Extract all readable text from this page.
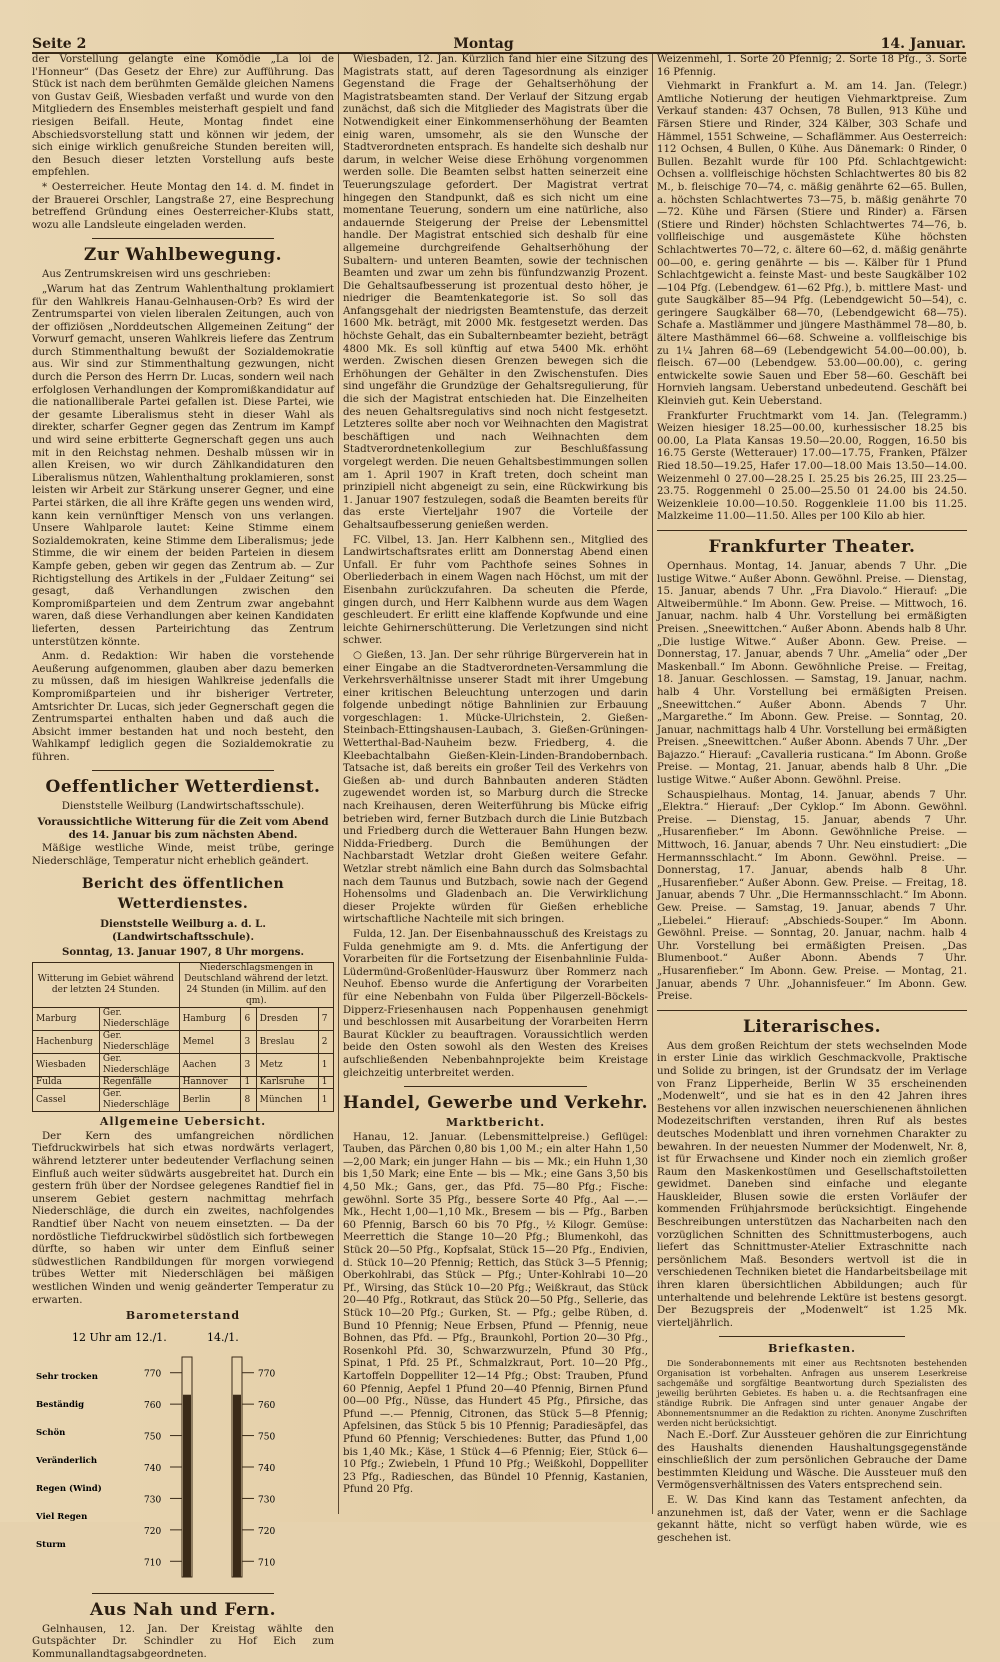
Seite 2	Montag	14. Januar.

der Vorstellung gelangte eine Komödie „La loi de l'Honneur“ (Das Gesetz der Ehre) zur Aufführung. Das Stück ist nach dem berühmten Gemälde gleichen Namens von Gustav Geiß, Wiesbaden verfaßt und wurde von den Mitgliedern des Ensembles meisterhaft gespielt und fand riesigen Beifall. Heute, Montag findet eine Abschiedsvorstellung statt und können wir jedem, der sich einige wirklich genußreiche Stunden bereiten will, den Besuch dieser letzten Vorstellung aufs beste empfehlen.

* Oesterreicher. Heute Montag den 14. d. M. findet in der Brauerei Orschler, Langstraße 27, eine Besprechung betreffend Gründung eines Oesterreicher-Klubs statt, wozu alle Landsleute eingeladen werden.

Zur Wahlbewegung.

Aus Zentrumskreisen wird uns geschrieben:

„Warum hat das Zentrum Wahlenthaltung proklamiert für den Wahlkreis Hanau-Gelnhausen-Orb? Es wird der Zentrumspartei von vielen liberalen Zeitungen, auch von der offiziösen „Norddeutschen Allgemeinen Zeitung“ der Vorwurf gemacht, unseren Wahlkreis liefere das Zentrum durch Stimmenthaltung bewußt der Sozialdemokratie aus. Wir sind zur Stimmenthaltung gezwungen, nicht durch die Person des Herrn Dr. Lucas, sondern weil nach erfolglosen Verhandlungen der Kompromißkandidatur auf die nationalliberale Partei gefallen ist. Diese Partei, wie der gesamte Liberalismus steht in dieser Wahl als direkter, scharfer Gegner gegen das Zentrum im Kampf und wird seine erbitterte Gegnerschaft gegen uns auch mit in den Reichstag nehmen. Deshalb müssen wir in allen Kreisen, wo wir durch Zählkandidaturen den Liberalismus nützen, Wahlenthaltung proklamieren, sonst leisten wir Arbeit zur Stärkung unserer Gegner, und eine Partei stärken, die all ihre Kräfte gegen uns wenden wird, kann kein vernünftiger Mensch von uns verlangen. Unsere Wahlparole lautet: Keine Stimme einem Sozialdemokraten, keine Stimme dem Liberalismus; jede Stimme, die wir einem der beiden Parteien in diesem Kampfe geben, geben wir gegen das Zentrum ab. — Zur Richtigstellung des Artikels in der „Fuldaer Zeitung“ sei gesagt, daß Verhandlungen zwischen den Kompromißparteien und dem Zentrum zwar angebahnt waren, daß diese Verhandlungen aber keinen Kandidaten lieferten, dessen Parteirichtung das Zentrum unterstützen könnte.

Anm. d. Redaktion: Wir haben die vorstehende Aeußerung aufgenommen, glauben aber dazu bemerken zu müssen, daß im hiesigen Wahlkreise jedenfalls die Kompromißparteien und ihr bisheriger Vertreter, Amtsrichter Dr. Lucas, sich jeder Gegnerschaft gegen die Zentrumspartei enthalten haben und daß auch die Absicht immer bestanden hat und noch besteht, den Wahlkampf lediglich gegen die Sozialdemokratie zu führen.

Oeffentlicher Wetterdienst.

Dienststelle Weilburg (Landwirtschaftsschule).

Voraussichtliche Witterung für die Zeit vom Abend des 14. Januar bis zum nächsten Abend.

Mäßige westliche Winde, meist trübe, geringe Niederschläge, Temperatur nicht erheblich geändert.

Bericht des öffentlichen Wetterdienstes.

Dienststelle Weilburg a. d. L. (Landwirtschaftsschule).

Sonntag, 13. Januar 1907, 8 Uhr morgens.

Witterung im Gebiet während der letzten 24 Stunden.		Niederschlagsmengen in Deutschland während der letzt. 24 Stunden (in Millim. auf den qm).			
Marburg	Ger. Niederschläge	Hamburg	6	Dresden	7
Hachenburg	Ger. Niederschläge	Memel	3	Breslau	2
Wiesbaden	Ger. Niederschläge	Aachen	3	Metz	1
Fulda	Regenfälle	Hannover	1	Karlsruhe	1
Cassel	Ger. Niederschläge	Berlin	8	München	1
Allgemeine Uebersicht.

Der Kern des umfangreichen nördlichen Tiefdruckwirbels hat sich etwas nordwärts verlagert, während letzterer unter bedeutender Verflachung seinen Einfluß auch weiter südwärts ausgebreitet hat. Durch ein gestern früh über der Nordsee gelegenes Randtief fiel in unserem Gebiet gestern nachmittag mehrfach Niederschläge, die durch ein zweites, nachfolgendes Randtief über Nacht von neuem einsetzten. — Da der nordöstliche Tiefdruckwirbel südöstlich sich fortbewegen dürfte, so haben wir unter dem Einfluß seiner südwestlichen Randbildungen für morgen vorwiegend trübes Wetter mit Niederschlägen bei mäßigen westlichen Winden und wenig geänderter Temperatur zu erwarten.

Barometerstand
12 Uhr am 12./1.	14./1.
770	770
760	760
750	750
740	740
730	730
720	720
710	710
Sehr trocken
Beständig
Schön
Veränderlich
Regen (Wind)
Viel Regen
Sturm
Aus Nah und Fern.

Gelnhausen, 12. Jan. Der Kreistag wählte den Gutspächter Dr. Schindler zu Hof Eich zum Kommunallandtagsabgeordneten.

Wiesbaden, 12. Jan. Kürzlich fand hier eine Sitzung des Magistrats statt, auf deren Tagesordnung als einziger Gegenstand die Frage der Gehaltserhöhung der Magistratsbeamten stand. Der Verlauf der Sitzung ergab zunächst, daß sich die Mitglieder des Magistrats über die Notwendigkeit einer Einkommenserhöhung der Beamten einig waren, umsomehr, als sie den Wunsche der Stadtverordneten entsprach. Es handelte sich deshalb nur darum, in welcher Weise diese Erhöhung vorgenommen werden solle. Die Beamten selbst hatten seinerzeit eine Teuerungszulage gefordert. Der Magistrat vertrat hingegen den Standpunkt, daß es sich nicht um eine momentane Teuerung, sondern um eine natürliche, also andauernde Steigerung der Preise der Lebensmittel handle. Der Magistrat entschied sich deshalb für eine allgemeine durchgreifende Gehaltserhöhung der Subaltern- und unteren Beamten, sowie der technischen Beamten und zwar um zehn bis fünfundzwanzig Prozent. Die Gehaltsaufbesserung ist prozentual desto höher, je niedriger die Beamtenkategorie ist. So soll das Anfangsgehalt der niedrigsten Beamtenstufe, das derzeit 1600 Mk. beträgt, mit 2000 Mk. festgesetzt werden. Das höchste Gehalt, das ein Subalternbeamter bezieht, beträgt 4800 Mk. Es soll künftig auf etwa 5400 Mk. erhöht werden. Zwischen diesen Grenzen bewegen sich die Erhöhungen der Gehälter in den Zwischenstufen. Dies sind ungefähr die Grundzüge der Gehaltsregulierung, für die sich der Magistrat entschieden hat. Die Einzelheiten des neuen Gehaltsregulativs sind noch nicht festgesetzt. Letzteres sollte aber noch vor Weihnachten den Magistrat beschäftigen und nach Weihnachten dem Stadtverordnetenkollegium zur Beschlußfassung vorgelegt werden. Die neuen Gehaltsbestimmungen sollen am 1. April 1907 in Kraft treten, doch scheint man prinzipiell nicht abgeneigt zu sein, eine Rückwirkung bis 1. Januar 1907 festzulegen, sodaß die Beamten bereits für das erste Vierteljahr 1907 die Vorteile der Gehaltsaufbesserung genießen werden.

FC. Vilbel, 13. Jan. Herr Kalbhenn sen., Mitglied des Landwirtschaftsrates erlitt am Donnerstag Abend einen Unfall. Er fuhr vom Pachthofe seines Sohnes in Oberliederbach in einem Wagen nach Höchst, um mit der Eisenbahn zurückzufahren. Da scheuten die Pferde, gingen durch, und Herr Kalbhenn wurde aus dem Wagen geschleudert. Er erlitt eine klaffende Kopfwunde und eine leichte Gehirnerschütterung. Die Verletzungen sind nicht schwer.

○ Gießen, 13. Jan. Der sehr rührige Bürgerverein hat in einer Eingabe an die Stadtverordneten-Versammlung die Verkehrsverhältnisse unserer Stadt mit ihrer Umgebung einer kritischen Beleuchtung unterzogen und darin folgende unbedingt nötige Bahnlinien zur Erbauung vorgeschlagen: 1. Mücke-Ulrichstein, 2. Gießen-Steinbach-Ettingshausen-Laubach, 3. Gießen-Grüningen-Wetterthal-Bad-Nauheim bezw. Friedberg, 4. die Kleebachtalbahn Gießen-Klein-Linden-Brandobernbach. Tatsache ist, daß bereits ein großer Teil des Verkehrs von Gießen ab- und durch Bahnbauten anderen Städten zugewendet worden ist, so Marburg durch die Strecke nach Kreihausen, deren Weiterführung bis Mücke eifrig betrieben wird, ferner Butzbach durch die Linie Butzbach und Friedberg durch die Wetterauer Bahn Hungen bezw. Nidda-Friedberg. Durch die Bemühungen der Nachbarstadt Wetzlar droht Gießen weitere Gefahr. Wetzlar strebt nämlich eine Bahn durch das Solmsbachtal nach dem Taunus und Butzbach, sowie nach der Gegend Hohensolms und Gladenbach an. Die Verwirklichung dieser Projekte würden für Gießen erhebliche wirtschaftliche Nachteile mit sich bringen.

Fulda, 12. Jan. Der Eisenbahnausschuß des Kreistags zu Fulda genehmigte am 9. d. Mts. die Anfertigung der Vorarbeiten für die Fortsetzung der Eisenbahnlinie Fulda-Lüdermünd-Großenlüder-Hauswurz über Rommerz nach Neuhof. Ebenso wurde die Anfertigung der Vorarbeiten für eine Nebenbahn von Fulda über Pilgerzell-Böckels-Dipperz-Friesenhausen nach Poppenhausen genehmigt und beschlossen mit Ausarbeitung der Vorarbeiten Herrn Baurat Kückler zu beauftragen. Voraussichtlich werden beide den Osten sowohl als den Westen des Kreises aufschließenden Nebenbahnprojekte beim Kreistage gleichzeitig unterbreitet werden.

Handel, Gewerbe und Verkehr.
Marktbericht.

Hanau, 12. Januar. (Lebensmittelpreise.) Geflügel: Tauben, das Pärchen 0,80 bis 1,00 M.; ein alter Hahn 1,50—2,00 Mark; ein junger Hahn — bis — Mk.; ein Huhn 1,30 bis 1,50 Mark; eine Ente — bis — Mk.; eine Gans 3,50 bis 4,50 Mk.; Gans, ger., das Pfd. 75—80 Pfg.; Fische: gewöhnl. Sorte 35 Pfg., bessere Sorte 40 Pfg., Aal —.— Mk., Hecht 1,00—1,10 Mk., Bresem — bis — Pfg., Barben 60 Pfennig, Barsch 60 bis 70 Pfg., ½ Kilogr. Gemüse: Meerrettich die Stange 10—20 Pfg.; Blumenkohl, das Stück 20—50 Pfg., Kopfsalat, Stück 15—20 Pfg., Endivien, d. Stück 10—20 Pfennig; Rettich, das Stück 3—5 Pfennig; Oberkohlrabi, das Stück — Pfg.; Unter-Kohlrabi 10—20 Pf., Wirsing, das Stück 10—20 Pfg.; Weißkraut, das Stück 20—40 Pfg., Rotkraut, das Stück 20—50 Pfg., Sellerie, das Stück 10—20 Pfg.; Gurken, St. — Pfg.; gelbe Rüben, d. Bund 10 Pfennig; Neue Erbsen, Pfund — Pfennig, neue Bohnen, das Pfd. — Pfg., Braunkohl, Portion 20—30 Pfg., Rosenkohl Pfd. 30, Schwarzwurzeln, Pfund 30 Pfg., Spinat, 1 Pfd. 25 Pf., Schmalzkraut, Port. 10—20 Pfg., Kartoffeln Doppelliter 12—14 Pfg.; Obst: Trauben, Pfund 60 Pfennig, Aepfel 1 Pfund 20—40 Pfennig, Birnen Pfund 00—00 Pfg., Nüsse, das Hundert 45 Pfg., Pfirsiche, das Pfund —.— Pfennig, Citronen, das Stück 5—8 Pfennig; Apfelsinen, das Stück 5 bis 10 Pfennig; Paradiesäpfel, das Pfund 60 Pfennig; Verschiedenes: Butter, das Pfund 1,00 bis 1,40 Mk.; Käse, 1 Stück 4—6 Pfennig; Eier, Stück 6—10 Pfg.; Zwiebeln, 1 Pfund 10 Pfg.; Weißkohl, Doppelliter 23 Pfg., Radieschen, das Bündel 10 Pfennig, Kastanien, Pfund 20 Pfg.

Weizenmehl, 1. Sorte 20 Pfennig; 2. Sorte 18 Pfg., 3. Sorte 16 Pfennig.

Viehmarkt in Frankfurt a. M. am 14. Jan. (Telegr.) Amtliche Notierung der heutigen Viehmarktpreise. Zum Verkauf standen: 437 Ochsen, 78 Bullen, 913 Kühe und Färsen Stiere und Rinder, 324 Kälber, 303 Schafe und Hämmel, 1551 Schweine, — Schaflämmer. Aus Oesterreich: 112 Ochsen, 4 Bullen, 0 Kühe. Aus Dänemark: 0 Rinder, 0 Bullen. Bezahlt wurde für 100 Pfd. Schlachtgewicht: Ochsen a. vollfleischige höchsten Schlachtwertes 80 bis 82 M., b. fleischige 70—74, c. mäßig genährte 62—65. Bullen, a. höchsten Schlachtwertes 73—75, b. mäßig genährte 70—72. Kühe und Färsen (Stiere und Rinder) a. Färsen (Stiere und Rinder) höchsten Schlachtwertes 74—76, b. vollfleischige und ausgemästete Kühe höchsten Schlachtwertes 70—72, c. ältere 60—62, d. mäßig genährte 00—00, e. gering genährte — bis —. Kälber für 1 Pfund Schlachtgewicht a. feinste Mast- und beste Saugkälber 102—104 Pfg. (Lebendgew. 61—62 Pfg.), b. mittlere Mast- und gute Saugkälber 85—94 Pfg. (Lebendgewicht 50—54), c. geringere Saugkälber 68—70, (Lebendgewicht 68—75). Schafe a. Mastlämmer und jüngere Masthämmel 78—80, b. ältere Masthämmel 66—68. Schweine a. vollfleischige bis zu 1¼ Jahren 68—69 (Lebendgewicht 54.00—00.00), b. fleisch. 67—00 (Lebendgew. 53.00—00.00), c. gering entwickelte sowie Sauen und Eber 58—60. Geschäft bei Hornvieh langsam. Ueberstand unbedeutend. Geschäft bei Kleinvieh gut. Kein Ueberstand.

Frankfurter Fruchtmarkt vom 14. Jan. (Telegramm.) Weizen hiesiger 18.25—00.00, kurhessischer 18.25 bis 00.00, La Plata Kansas 19.50—20.00, Roggen, 16.50 bis 16.75 Gerste (Wetterauer) 17.00—17.75, Franken, Pfälzer Ried 18.50—19.25, Hafer 17.00—18.00 Mais 13.50—14.00. Weizenmehl 0 27.00—28.25 I. 25.25 bis 26.25, III 23.25—23.75. Roggenmehl 0 25.00—25.50 01 24.00 bis 24.50. Weizenkleie 10.00—10.50. Roggenkleie 11.00 bis 11.25. Malzkeime 11.00—11.50. Alles per 100 Kilo ab hier.

Frankfurter Theater.

Opernhaus. Montag, 14. Januar, abends 7 Uhr. „Die lustige Witwe.“ Außer Abonn. Gewöhnl. Preise. — Dienstag, 15. Januar, abends 7 Uhr. „Fra Diavolo.“ Hierauf: „Die Altweibermühle.“ Im Abonn. Gew. Preise. — Mittwoch, 16. Januar, nachm. halb 4 Uhr. Vorstellung bei ermäßigten Preisen. „Sneewittchen.“ Außer Abonn. Abends halb 8 Uhr. „Die lustige Witwe.“ Außer Abonn. Gew. Preise. — Donnerstag, 17. Januar, abends 7 Uhr. „Amelia“ oder „Der Maskenball.“ Im Abonn. Gewöhnliche Preise. — Freitag, 18. Januar. Geschlossen. — Samstag, 19. Januar, nachm. halb 4 Uhr. Vorstellung bei ermäßigten Preisen. „Sneewittchen.“ Außer Abonn. Abends 7 Uhr. „Margarethe.“ Im Abonn. Gew. Preise. — Sonntag, 20. Januar, nachmittags halb 4 Uhr. Vorstellung bei ermäßigten Preisen. „Sneewittchen.“ Außer Abonn. Abends 7 Uhr. „Der Bajazzo.“ Hierauf: „Cavalleria rusticana.“ Im Abonn. Große Preise. — Montag, 21. Januar, abends halb 8 Uhr. „Die lustige Witwe.“ Außer Abonn. Gewöhnl. Preise.

Schauspielhaus. Montag, 14. Januar, abends 7 Uhr. „Elektra.“ Hierauf: „Der Cyklop.“ Im Abonn. Gewöhnl. Preise. — Dienstag, 15. Januar, abends 7 Uhr. „Husarenfieber.“ Im Abonn. Gewöhnliche Preise. — Mittwoch, 16. Januar, abends 7 Uhr. Neu einstudiert: „Die Hermannsschlacht.“ Im Abonn. Gewöhnl. Preise. — Donnerstag, 17. Januar, abends halb 8 Uhr. „Husarenfieber.“ Außer Abonn. Gew. Preise. — Freitag, 18. Januar, abends 7 Uhr. „Die Hermannsschlacht.“ Im Abonn. Gew. Preise. — Samstag, 19. Januar, abends 7 Uhr. „Liebelei.“ Hierauf: „Abschieds-Souper.“ Im Abonn. Gewöhnl. Preise. — Sonntag, 20. Januar, nachm. halb 4 Uhr. Vorstellung bei ermäßigten Preisen. „Das Blumenboot.“ Außer Abonn. Abends 7 Uhr. „Husarenfieber.“ Im Abonn. Gew. Preise. — Montag, 21. Januar, abends 7 Uhr. „Johannisfeuer.“ Im Abonn. Gew. Preise.

Literarisches.

Aus dem großen Reichtum der stets wechselnden Mode in erster Linie das wirklich Geschmackvolle, Praktische und Solide zu bringen, ist der Grundsatz der im Verlage von Franz Lipperheide, Berlin W 35 erscheinenden „Modenwelt“, und sie hat es in den 42 Jahren ihres Bestehens vor allen inzwischen neuerschienenen ähnlichen Modezeitschriften verstanden, ihren Ruf als bestes deutsches Modenblatt und ihren vornehmen Charakter zu bewahren. In der neuesten Nummer der Modenwelt, Nr. 8, ist für Erwachsene und Kinder noch ein ziemlich großer Raum den Maskenkostümen und Gesellschaftstoiletten gewidmet. Daneben sind einfache und elegante Hauskleider, Blusen sowie die ersten Vorläufer der kommenden Frühjahrsmode berücksichtigt. Eingehende Beschreibungen unterstützen das Nacharbeiten nach den vorzüglichen Schnitten des Schnittmusterbogens, auch liefert das Schnittmuster-Atelier Extraschnitte nach persönlichem Maß. Besonders wertvoll ist die in verschiedenen Techniken bietet die Handarbeitsbeilage mit ihren klaren übersichtlichen Abbildungen; auch für unterhaltende und belehrende Lektüre ist bestens gesorgt. Der Bezugspreis der „Modenwelt“ ist 1.25 Mk. vierteljährlich.

Briefkasten.

Die Sonderabonnements mit einer aus Rechtsnoten bestehenden Organisation ist vorbehalten. Anfragen aus unserem Leserkreise sachgemäße und sorgfältige Beantwortung durch Spezialisten des jeweilig berührten Gebietes. Es haben u. a. die Rechtsanfragen eine ständige Rubrik. Die Anfragen sind unter genauer Angabe der Abonnementsnummer an die Redaktion zu richten. Anonyme Zuschriften werden nicht berücksichtigt.

Nach E.-Dorf. Zur Aussteuer gehören die zur Einrichtung des Haushalts dienenden Haushaltungsgegenstände einschließlich der zum persönlichen Gebrauche der Dame bestimmten Kleidung und Wäsche. Die Aussteuer muß den Vermögensverhältnissen des Vaters entsprechend sein.

E. W. Das Kind kann das Testament anfechten, da anzunehmen ist, daß der Vater, wenn er die Sachlage gekannt hätte, nicht so verfügt haben würde, wie es geschehen ist.
